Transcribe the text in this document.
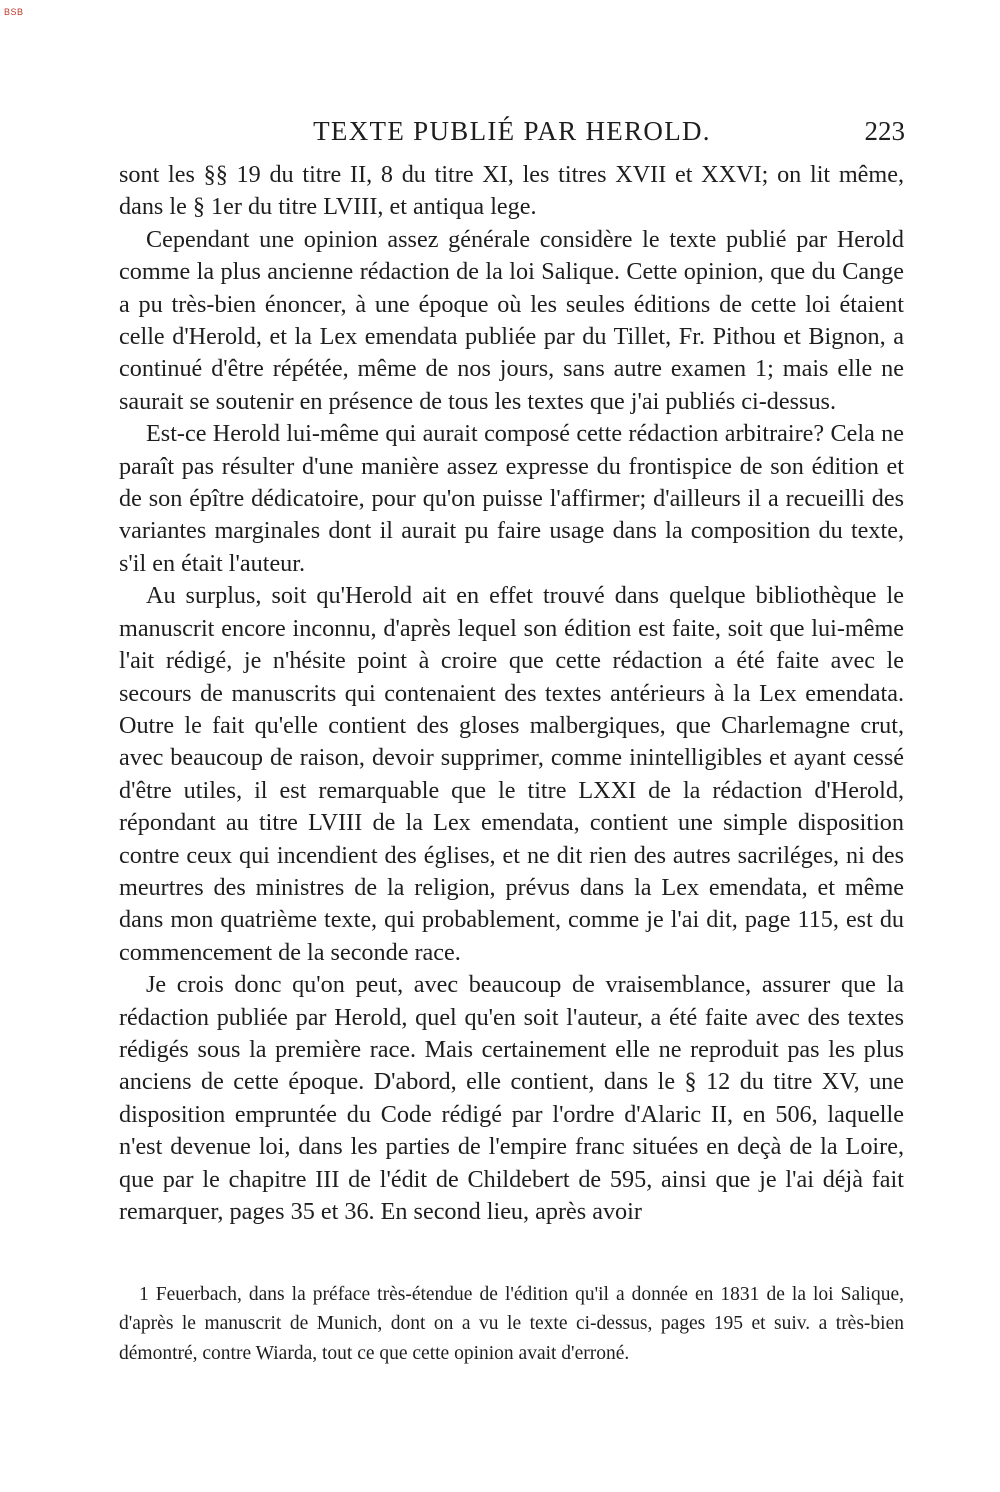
BSB
TEXTE PUBLIÉ PAR HEROLD.	223

sont les §§ 19 du titre II, 8 du titre XI, les titres XVII et XXVI; on lit même, dans le § 1er du titre LVIII, et antiqua lege.

Cependant une opinion assez générale considère le texte publié par Herold comme la plus ancienne rédaction de la loi Salique. Cette opinion, que du Cange a pu très-bien énoncer, à une époque où les seules éditions de cette loi étaient celle d'Herold, et la Lex emendata publiée par du Tillet, Fr. Pithou et Bignon, a continué d'être répétée, même de nos jours, sans autre examen 1; mais elle ne saurait se soutenir en présence de tous les textes que j'ai publiés ci-dessus.

Est-ce Herold lui-même qui aurait composé cette rédaction arbitraire? Cela ne paraît pas résulter d'une manière assez expresse du frontispice de son édition et de son épître dédicatoire, pour qu'on puisse l'affirmer; d'ailleurs il a recueilli des variantes marginales dont il aurait pu faire usage dans la composition du texte, s'il en était l'auteur.

Au surplus, soit qu'Herold ait en effet trouvé dans quelque bibliothèque le manuscrit encore inconnu, d'après lequel son édition est faite, soit que lui-même l'ait rédigé, je n'hésite point à croire que cette rédaction a été faite avec le secours de manuscrits qui contenaient des textes antérieurs à la Lex emendata. Outre le fait qu'elle contient des gloses malbergiques, que Charlemagne crut, avec beaucoup de raison, devoir supprimer, comme inintelligibles et ayant cessé d'être utiles, il est remarquable que le titre LXXI de la rédaction d'Herold, répondant au titre LVIII de la Lex emendata, contient une simple disposition contre ceux qui incendient des églises, et ne dit rien des autres sacriléges, ni des meurtres des ministres de la religion, prévus dans la Lex emendata, et même dans mon quatrième texte, qui probablement, comme je l'ai dit, page 115, est du commencement de la seconde race.

Je crois donc qu'on peut, avec beaucoup de vraisemblance, assurer que la rédaction publiée par Herold, quel qu'en soit l'auteur, a été faite avec des textes rédigés sous la première race. Mais certainement elle ne reproduit pas les plus anciens de cette époque. D'abord, elle contient, dans le § 12 du titre XV, une disposition empruntée du Code rédigé par l'ordre d'Alaric II, en 506, laquelle n'est devenue loi, dans les parties de l'empire franc situées en deçà de la Loire, que par le chapitre III de l'édit de Childebert de 595, ainsi que je l'ai déjà fait remarquer, pages 35 et 36. En second lieu, après avoir

1 Feuerbach, dans la préface très-étendue de l'édition qu'il a donnée en 1831 de la loi Salique, d'après le manuscrit de Munich, dont on a vu le texte ci-dessus, pages 195 et suiv. a très-bien démontré, contre Wiarda, tout ce que cette opinion avait d'erroné.
